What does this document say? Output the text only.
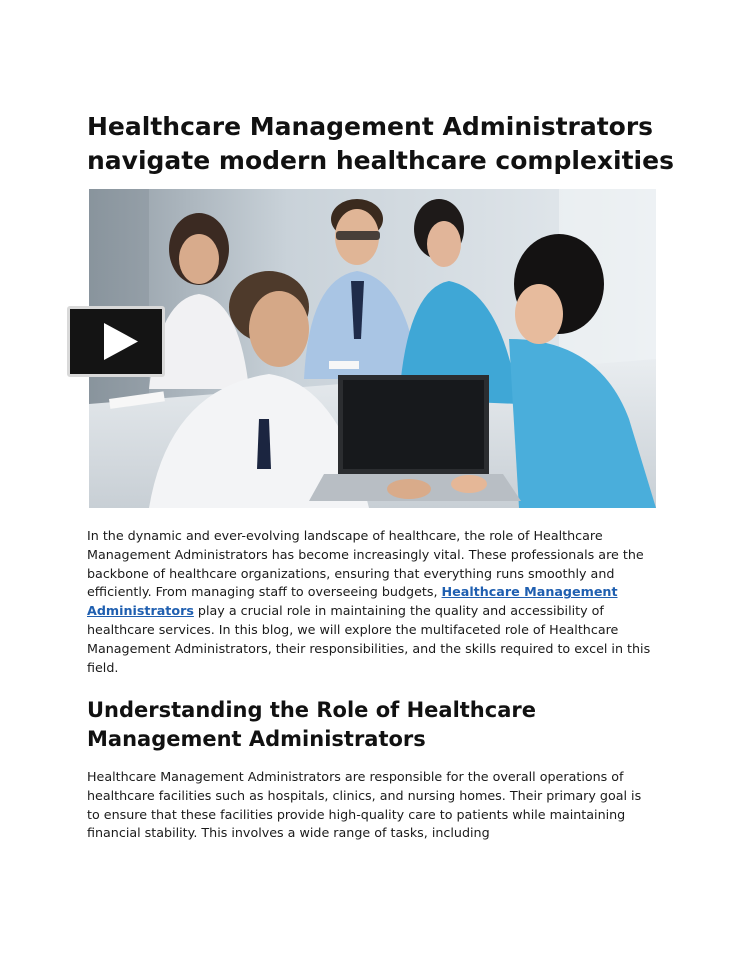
Healthcare Management Administrators navigate modern healthcare complexities

In the dynamic and ever-evolving landscape of healthcare, the role of Healthcare Management Administrators has become increasingly vital. These professionals are the backbone of healthcare organizations, ensuring that everything runs smoothly and efficiently. From managing staff to overseeing budgets, Healthcare Management Administrators play a crucial role in maintaining the quality and accessibility of healthcare services. In this blog, we will explore the multifaceted role of Healthcare Management Administrators, their responsibilities, and the skills required to excel in this field.

Understanding the Role of Healthcare Management Administrators

Healthcare Management Administrators are responsible for the overall operations of healthcare facilities such as hospitals, clinics, and nursing homes. Their primary goal is to ensure that these facilities provide high-quality care to patients while maintaining financial stability. This involves a wide range of tasks, including
